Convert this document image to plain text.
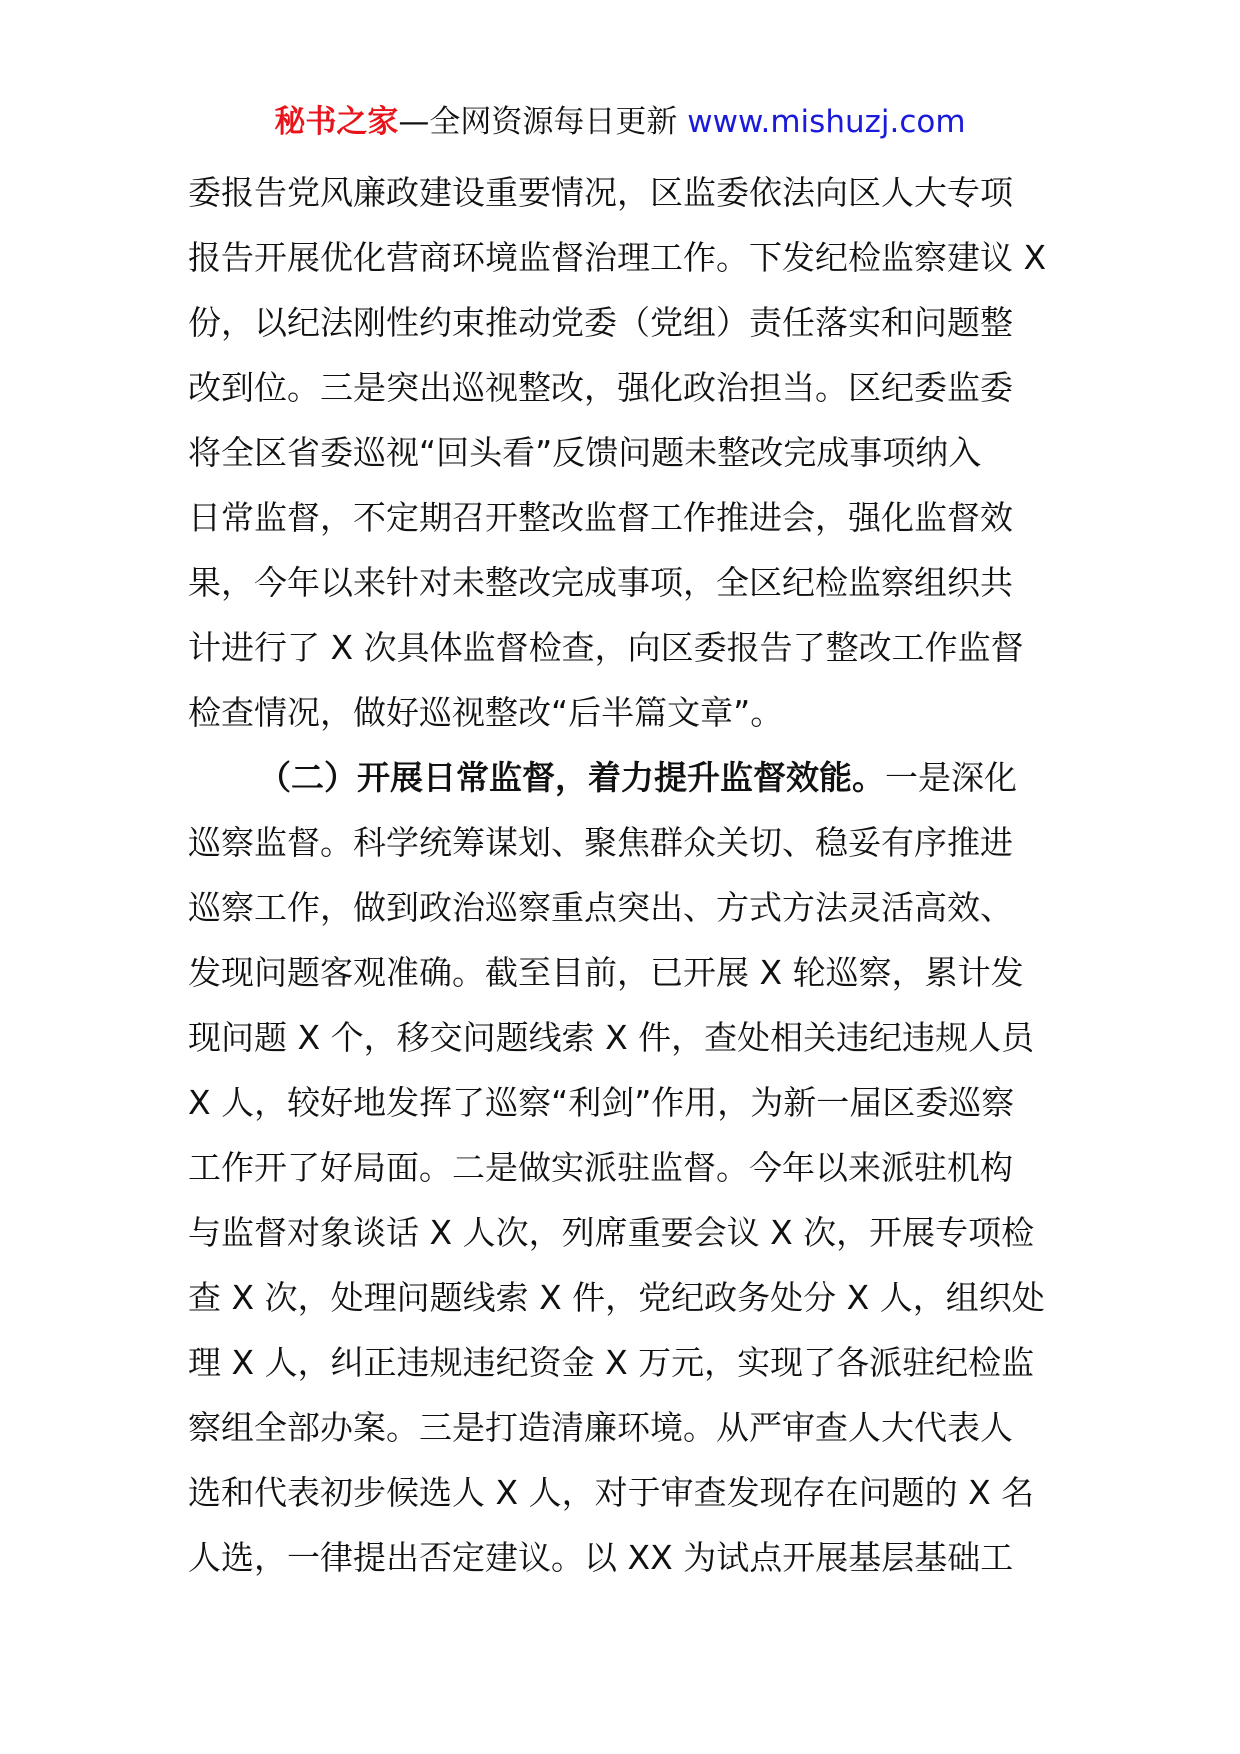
秘书之家—全网资源每日更新 www.mishuzj.com
委报告党风廉政建设重要情况，区监委依法向区人大专项
报告开展优化营商环境监督治理工作。下发纪检监察建议 X
份，以纪法刚性约束推动党委（党组）责任落实和问题整
改到位。三是突出巡视整改，强化政治担当。区纪委监委
将全区省委巡视“回头看”反馈问题未整改完成事项纳入
日常监督，不定期召开整改监督工作推进会，强化监督效
果，今年以来针对未整改完成事项，全区纪检监察组织共
计进行了 X 次具体监督检查，向区委报告了整改工作监督
检查情况，做好巡视整改“后半篇文章”。
（二）开展日常监督，着力提升监督效能。一是深化
巡察监督。科学统筹谋划、聚焦群众关切、稳妥有序推进
巡察工作，做到政治巡察重点突出、方式方法灵活高效、
发现问题客观准确。截至目前，已开展 X 轮巡察，累计发
现问题 X 个，移交问题线索 X 件，查处相关违纪违规人员
X 人，较好地发挥了巡察“利剑”作用，为新一届区委巡察
工作开了好局面。二是做实派驻监督。今年以来派驻机构
与监督对象谈话 X 人次，列席重要会议 X 次，开展专项检
查 X 次，处理问题线索 X 件，党纪政务处分 X 人，组织处
理 X 人，纠正违规违纪资金 X 万元，实现了各派驻纪检监
察组全部办案。三是打造清廉环境。从严审查人大代表人
选和代表初步候选人 X 人，对于审查发现存在问题的 X 名
人选，一律提出否定建议。以 XX 为试点开展基层基础工
